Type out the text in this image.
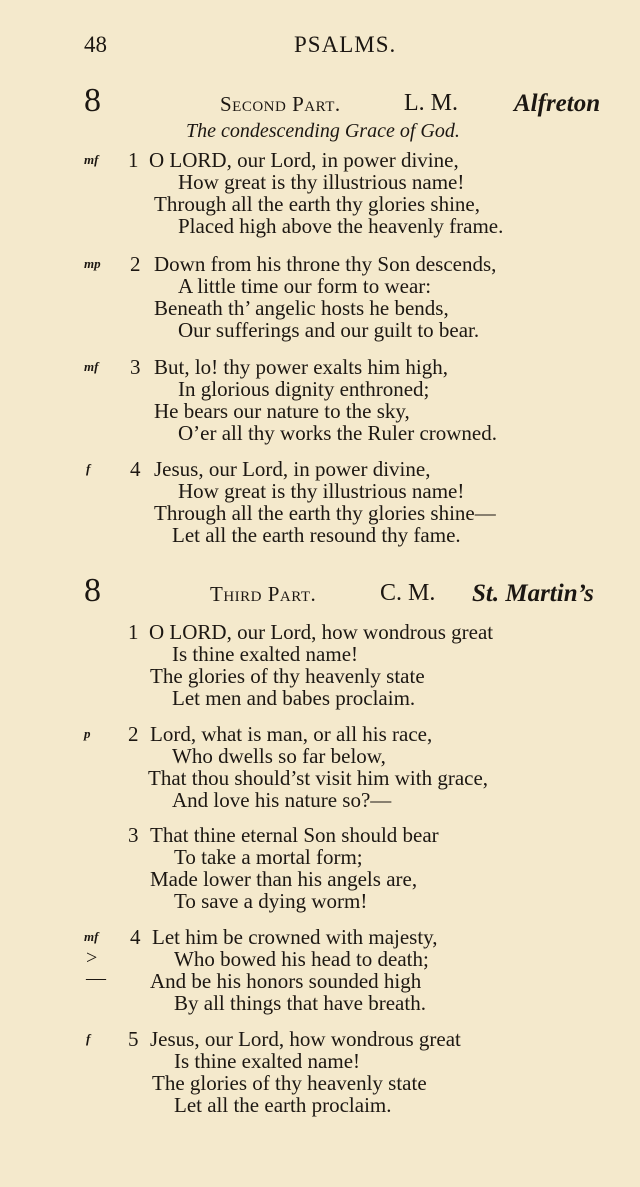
48	PSALMS.
8	Second Part.	L. M. Alfreton
The condescending Grace of God.
mf 1 O LORD, our Lord, in power divine,
How great is thy illustrious name!
Through all the earth thy glories shine,
Placed high above the heavenly frame.
mp 2 Down from his throne thy Son descends,
A little time our form to wear:
Beneath th’ angelic hosts he bends,
Our sufferings and our guilt to bear.
mf 3 But, lo! thy power exalts him high,
In glorious dignity enthroned;
He bears our nature to the sky,
O’er all thy works the Ruler crowned.
f 4 Jesus, our Lord, in power divine,
How great is thy illustrious name!
Through all the earth thy glories shine—
Let all the earth resound thy fame.
8	Third Part.	C. M. St. Martin’s
1 O LORD, our Lord, how wondrous great
Is thine exalted name!
The glories of thy heavenly state
Let men and babes proclaim.
p 2 Lord, what is man, or all his race,
Who dwells so far below,
That thou should’st visit him with grace,
And love his nature so?—
3 That thine eternal Son should bear
To take a mortal form;
Made lower than his angels are,
To save a dying worm!
mf
>
—
4 Let him be crowned with majesty,
Who bowed his head to death;
And be his honors sounded high
By all things that have breath.
f 5 Jesus, our Lord, how wondrous great
Is thine exalted name!
The glories of thy heavenly state
Let all the earth proclaim.
